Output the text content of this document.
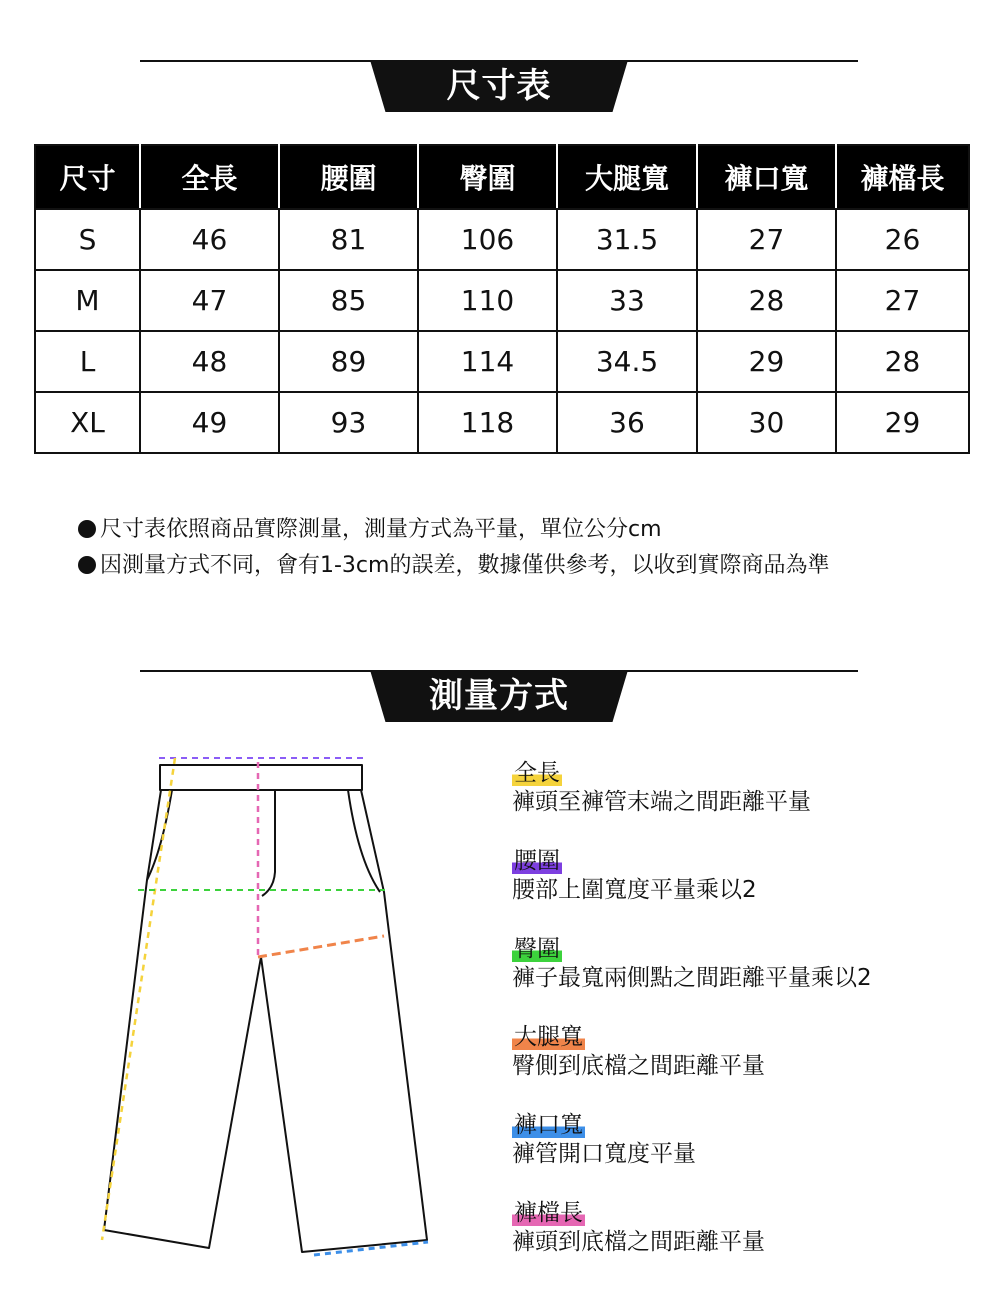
尺寸表
尺寸	全長	腰圍	臀圍	大腿寬	褲口寬	褲檔長
S	46	81	106	31.5	27	26
M	47	85	110	33	28	27
L	48	89	114	34.5	29	28
XL	49	93	118	36	30	29
尺寸表依照商品實際測量，測量方式為平量，單位公分cm
因測量方式不同，會有1-3cm的誤差，數據僅供參考，以收到實際商品為準
測量方式
全長
褲頭至褲管末端之間距離平量
腰圍
腰部上圍寬度平量乘以2
臀圍
褲子最寬兩側點之間距離平量乘以2
大腿寬
臀側到底檔之間距離平量
褲口寬
褲管開口寬度平量
褲檔長
褲頭到底檔之間距離平量
